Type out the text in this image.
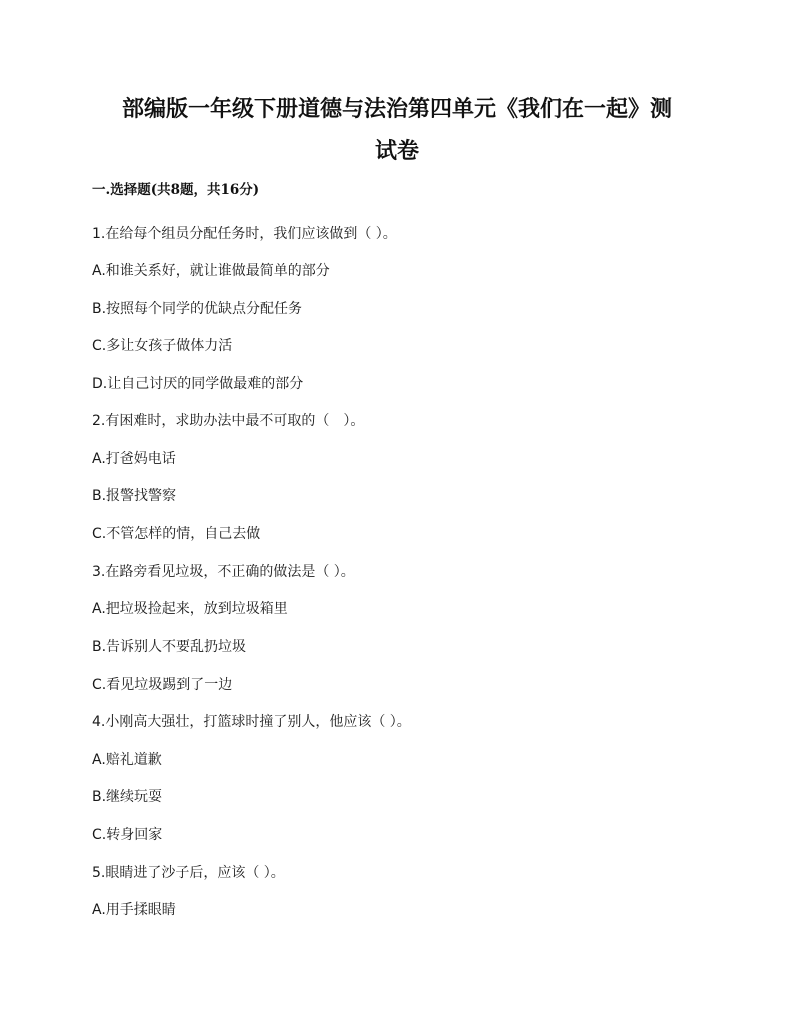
部编版一年级下册道德与法治第四单元《我们在一起》测
试卷
一.选择题(共8题，共16分)
1.在给每个组员分配任务时，我们应该做到（ ）。
A.和谁关系好，就让谁做最简单的部分
B.按照每个同学的优缺点分配任务
C.多让女孩子做体力活
D.让自己讨厌的同学做最难的部分
2.有困难时，求助办法中最不可取的（　）。
A.打爸妈电话
B.报警找警察
C.不管怎样的情，自己去做
3.在路旁看见垃圾，不正确的做法是（ ）。
A.把垃圾捡起来，放到垃圾箱里
B.告诉别人不要乱扔垃圾
C.看见垃圾踢到了一边
4.小刚高大强壮，打篮球时撞了别人，他应该（ ）。
A.赔礼道歉
B.继续玩耍
C.转身回家
5.眼睛进了沙子后，应该（ ）。
A.用手揉眼睛
